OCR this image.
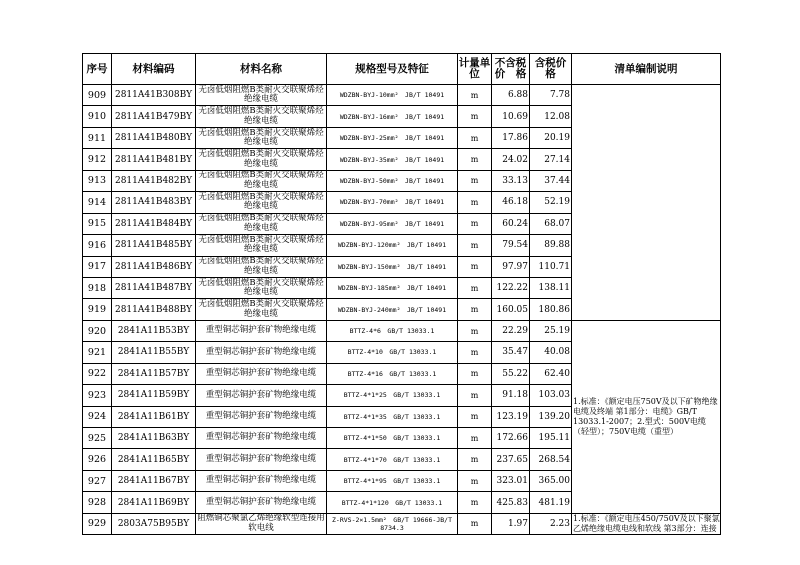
序号	材料编码	材料名称	规格型号及特征	计量单位	不含税价　格	含税价格	清单编制说明
909	2811A41B308BY	无卤低烟阻燃B类耐火交联聚烯烃绝缘电缆	WDZBN-BYJ-10mm²　JB/T 10491	m	6.88	7.78	
910	2811A41B479BY	无卤低烟阻燃B类耐火交联聚烯烃绝缘电缆	WDZBN-BYJ-16mm²　JB/T 10491	m	10.69	12.08	
911	2811A41B480BY	无卤低烟阻燃B类耐火交联聚烯烃绝缘电缆	WDZBN-BYJ-25mm²　JB/T 10491	m	17.86	20.19	
912	2811A41B481BY	无卤低烟阻燃B类耐火交联聚烯烃绝缘电缆	WDZBN-BYJ-35mm²　JB/T 10491	m	24.02	27.14	
913	2811A41B482BY	无卤低烟阻燃B类耐火交联聚烯烃绝缘电缆	WDZBN-BYJ-50mm²　JB/T 10491	m	33.13	37.44	
914	2811A41B483BY	无卤低烟阻燃B类耐火交联聚烯烃绝缘电缆	WDZBN-BYJ-70mm²　JB/T 10491	m	46.18	52.19	
915	2811A41B484BY	无卤低烟阻燃B类耐火交联聚烯烃绝缘电缆	WDZBN-BYJ-95mm²　JB/T 10491	m	60.24	68.07	
916	2811A41B485BY	无卤低烟阻燃B类耐火交联聚烯烃绝缘电缆	WDZBN-BYJ-120mm²　JB/T 10491	m	79.54	89.88	
917	2811A41B486BY	无卤低烟阻燃B类耐火交联聚烯烃绝缘电缆	WDZBN-BYJ-150mm²　JB/T 10491	m	97.97	110.71	
918	2811A41B487BY	无卤低烟阻燃B类耐火交联聚烯烃绝缘电缆	WDZBN-BYJ-185mm²　JB/T 10491	m	122.22	138.11	
919	2811A41B488BY	无卤低烟阻燃B类耐火交联聚烯烃绝缘电缆	WDZBN-BYJ-240mm²　JB/T 10491	m	160.05	180.86	
920	2841A11B53BY	重型铜芯铜护套矿物绝缘电缆	BTTZ-4*6　GB/T 13033.1	m	22.29	25.19	1.标准：《额定电压750V及以下矿物绝缘电缆及终端 第1部分：电缆》GB/T 13033.1-2007；2.型式：500V电缆（轻型）；750V电缆（重型）
921	2841A11B55BY	重型铜芯铜护套矿物绝缘电缆	BTTZ-4*10　GB/T 13033.1	m	35.47	40.08	
922	2841A11B57BY	重型铜芯铜护套矿物绝缘电缆	BTTZ-4*16　GB/T 13033.1	m	55.22	62.40	
923	2841A11B59BY	重型铜芯铜护套矿物绝缘电缆	BTTZ-4*1*25　GB/T 13033.1	m	91.18	103.03	
924	2841A11B61BY	重型铜芯铜护套矿物绝缘电缆	BTTZ-4*1*35　GB/T 13033.1	m	123.19	139.20	
925	2841A11B63BY	重型铜芯铜护套矿物绝缘电缆	BTTZ-4*1*50　GB/T 13033.1	m	172.66	195.11	
926	2841A11B65BY	重型铜芯铜护套矿物绝缘电缆	BTTZ-4*1*70　GB/T 13033.1	m	237.65	268.54	
927	2841A11B67BY	重型铜芯铜护套矿物绝缘电缆	BTTZ-4*1*95　GB/T 13033.1	m	323.01	365.00	
928	2841A11B69BY	重型铜芯铜护套矿物绝缘电缆	BTTZ-4*1*120　GB/T 13033.1	m	425.83	481.19	
929	2803A75B95BY	阻燃铜芯聚氯乙烯绝缘软型连接用软电线	Z-RVS-2×1.5mm²　GB/T 19666-JB/T 8734.3	m	1.97	2.23	1.标准：《额定电压450/750V及以下聚氯乙烯绝缘电缆电线和软线 第3部分：连接
